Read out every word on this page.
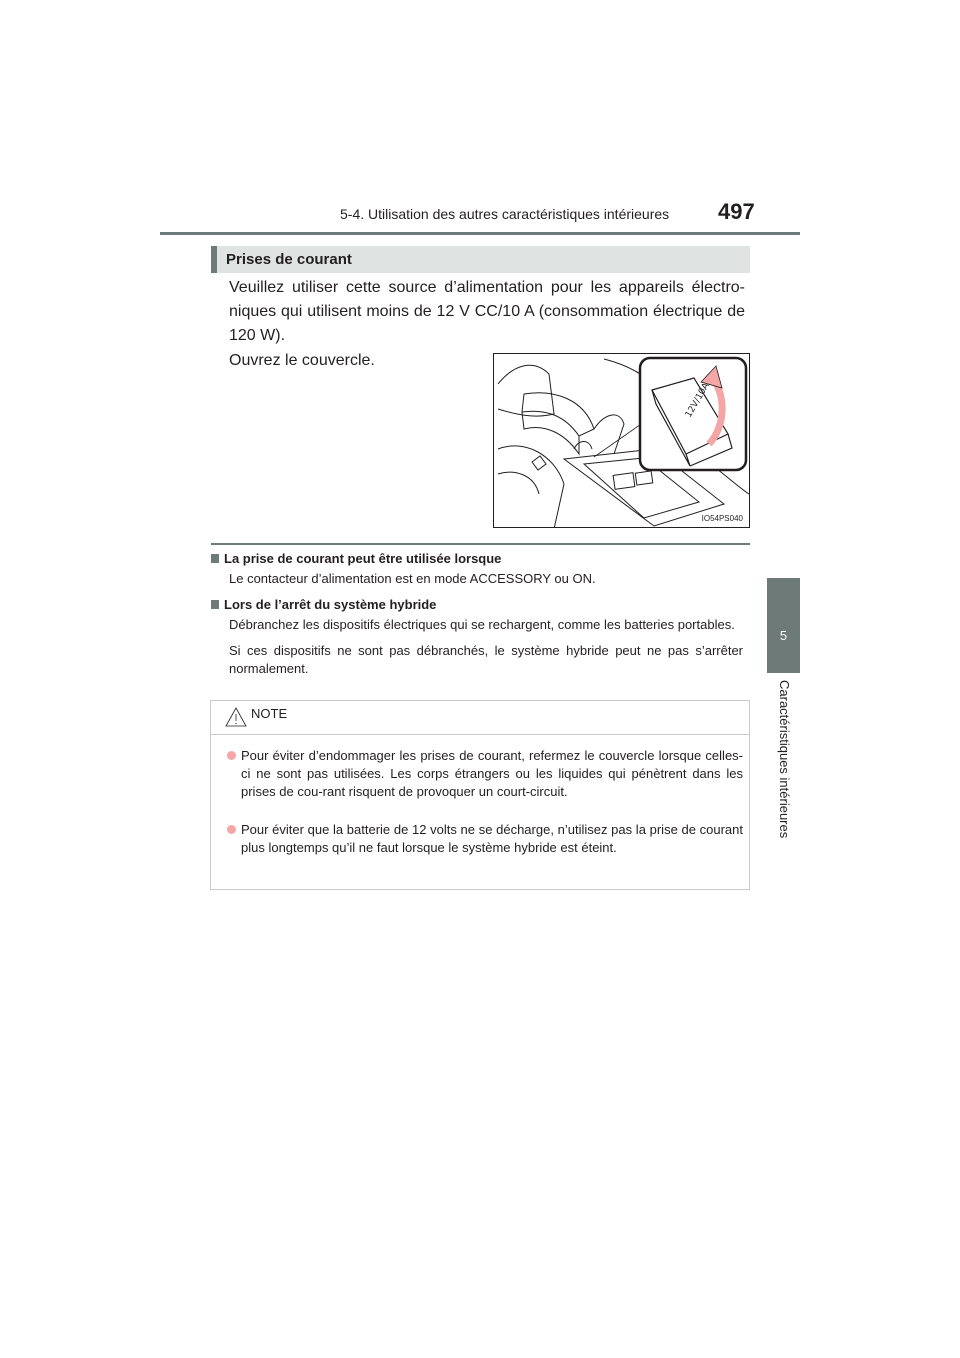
5-4. Utilisation des autres caractéristiques intérieures 497
5
Caractéristiques intérieures
Prises de courant

Veuillez utiliser cette source d’alimentation pour les appareils électro-niques qui utilisent moins de 12 V CC/10 A (consommation électrique de 120 W).

Ouvrez le couvercle.

12V/10A
IO54PS040
La prise de courant peut être utilisée lorsque

Le contacteur d’alimentation est en mode ACCESSORY ou ON.

Lors de l’arrêt du système hybride

Débranchez les dispositifs électriques qui se rechargent, comme les batteries portables.

Si ces dispositifs ne sont pas débranchés, le système hybride peut ne pas s’arrêter normalement.

NOTE
Pour éviter d’endommager les prises de courant, refermez le couvercle lorsque celles-ci ne sont pas utilisées. Les corps étrangers ou les liquides qui pénètrent dans les prises de cou-rant risquent de provoquer un court-circuit.
Pour éviter que la batterie de 12 volts ne se décharge, n’utilisez pas la prise de courant plus longtemps qu’il ne faut lorsque le système hybride est éteint.
